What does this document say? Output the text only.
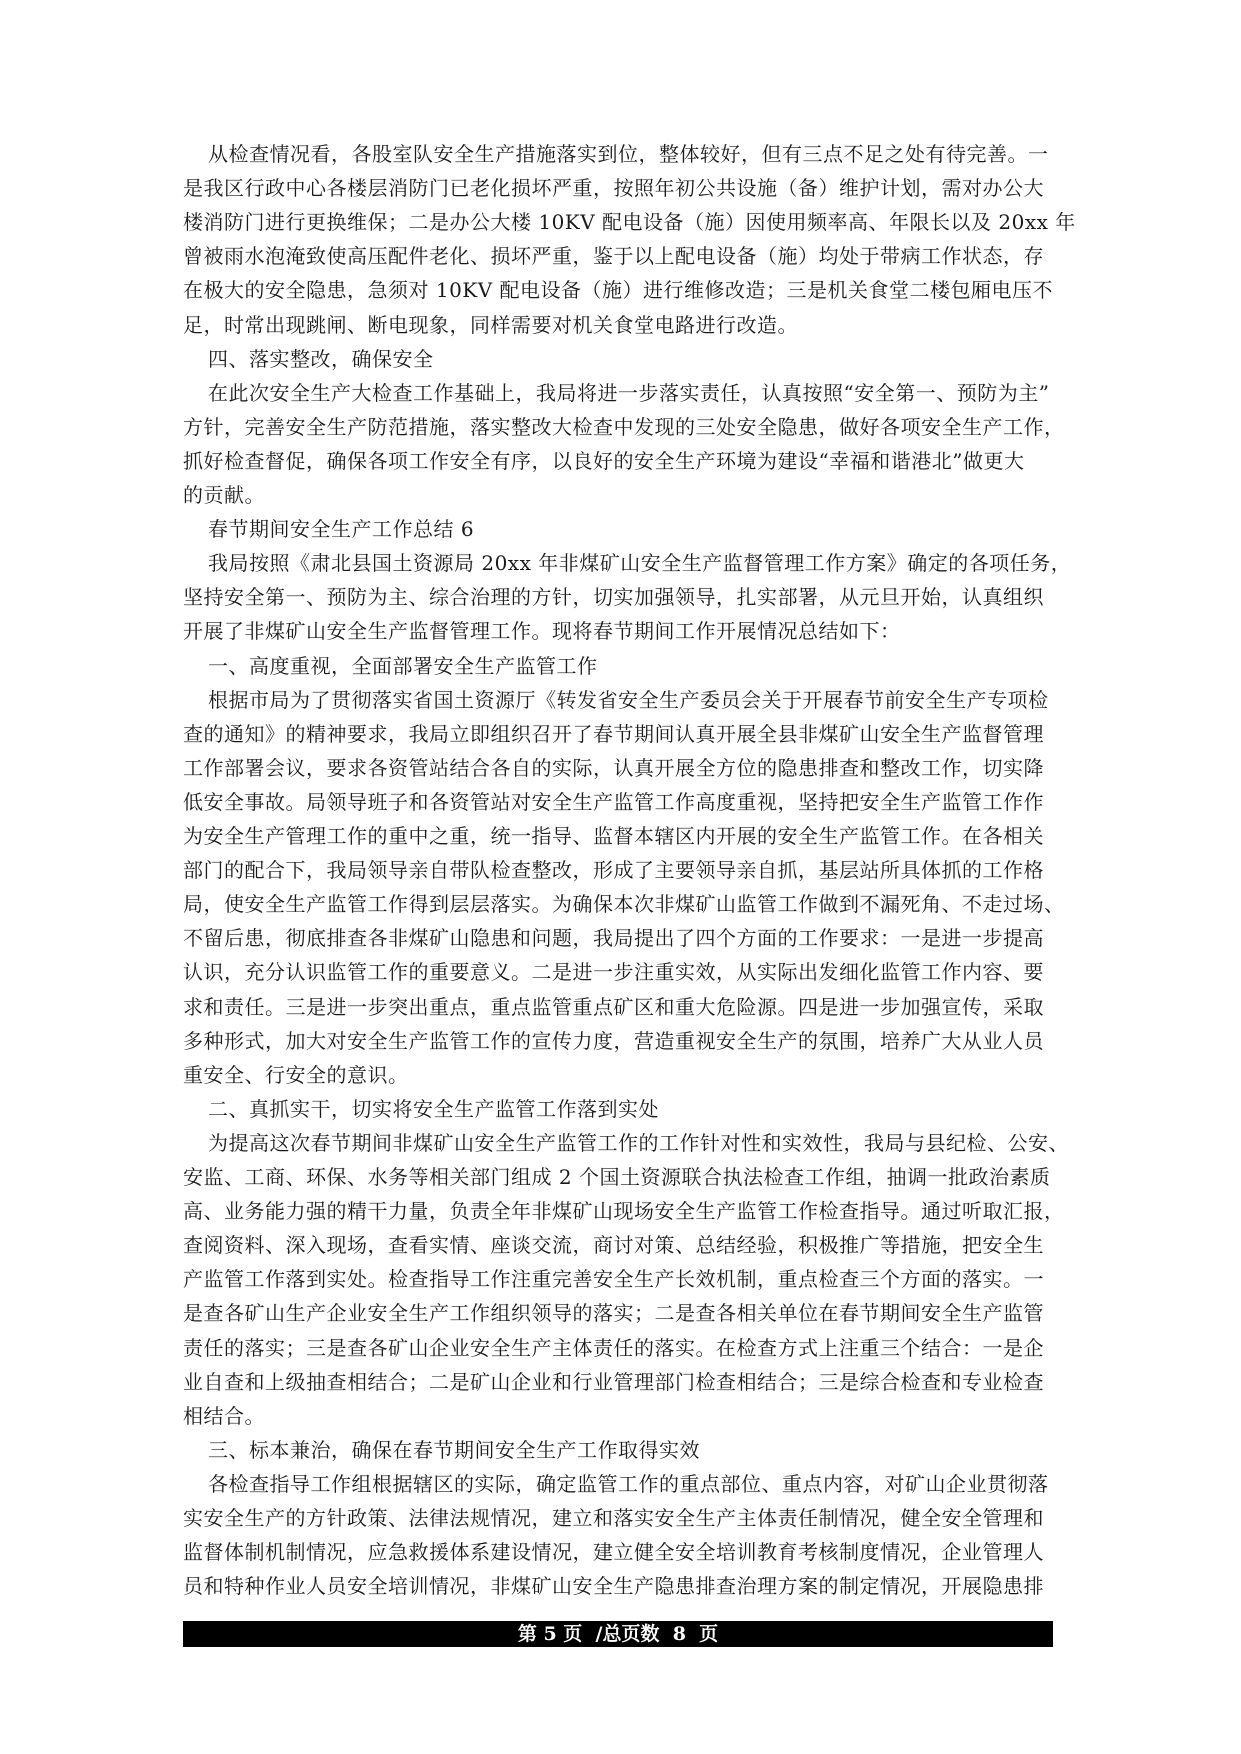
从检查情况看，各股室队安全生产措施落实到位，整体较好，但有三点不足之处有待完善。一
是我区行政中心各楼层消防门已老化损坏严重，按照年初公共设施（备）维护计划，需对办公大
楼消防门进行更换维保；二是办公大楼 10KV 配电设备（施）因使用频率高、年限长以及 20xx 年
曾被雨水泡淹致使高压配件老化、损坏严重，鉴于以上配电设备（施）均处于带病工作状态，存
在极大的安全隐患，急须对 10KV 配电设备（施）进行维修改造；三是机关食堂二楼包厢电压不
足，时常出现跳闸、断电现象，同样需要对机关食堂电路进行改造。
四、落实整改，确保安全
在此次安全生产大检查工作基础上，我局将进一步落实责任，认真按照“安全第一、预防为主”
方针，完善安全生产防范措施，落实整改大检查中发现的三处安全隐患，做好各项安全生产工作，
抓好检查督促，确保各项工作安全有序，以良好的安全生产环境为建设“幸福和谐港北”做更大
的贡献。
春节期间安全生产工作总结 6
我局按照《肃北县国土资源局 20xx 年非煤矿山安全生产监督管理工作方案》确定的各项任务，
坚持安全第一、预防为主、综合治理的方针，切实加强领导，扎实部署，从元旦开始，认真组织
开展了非煤矿山安全生产监督管理工作。现将春节期间工作开展情况总结如下：
一、高度重视，全面部署安全生产监管工作
根据市局为了贯彻落实省国土资源厅《转发省安全生产委员会关于开展春节前安全生产专项检
查的通知》的精神要求，我局立即组织召开了春节期间认真开展全县非煤矿山安全生产监督管理
工作部署会议，要求各资管站结合各自的实际，认真开展全方位的隐患排查和整改工作，切实降
低安全事故。局领导班子和各资管站对安全生产监管工作高度重视，坚持把安全生产监管工作作
为安全生产管理工作的重中之重，统一指导、监督本辖区内开展的安全生产监管工作。在各相关
部门的配合下，我局领导亲自带队检查整改，形成了主要领导亲自抓，基层站所具体抓的工作格
局，使安全生产监管工作得到层层落实。为确保本次非煤矿山监管工作做到不漏死角、不走过场、
不留后患，彻底排查各非煤矿山隐患和问题，我局提出了四个方面的工作要求：一是进一步提高
认识，充分认识监管工作的重要意义。二是进一步注重实效，从实际出发细化监管工作内容、要
求和责任。三是进一步突出重点，重点监管重点矿区和重大危险源。四是进一步加强宣传，采取
多种形式，加大对安全生产监管工作的宣传力度，营造重视安全生产的氛围，培养广大从业人员
重安全、行安全的意识。
二、真抓实干，切实将安全生产监管工作落到实处
为提高这次春节期间非煤矿山安全生产监管工作的工作针对性和实效性，我局与县纪检、公安、
安监、工商、环保、水务等相关部门组成 2 个国土资源联合执法检查工作组，抽调一批政治素质
高、业务能力强的精干力量，负责全年非煤矿山现场安全生产监管工作检查指导。通过听取汇报，
查阅资料、深入现场，查看实情、座谈交流，商讨对策、总结经验，积极推广等措施，把安全生
产监管工作落到实处。检查指导工作注重完善安全生产长效机制，重点检查三个方面的落实。一
是查各矿山生产企业安全生产工作组织领导的落实；二是查各相关单位在春节期间安全生产监管
责任的落实；三是查各矿山企业安全生产主体责任的落实。在检查方式上注重三个结合：一是企
业自查和上级抽查相结合；二是矿山企业和行业管理部门检查相结合；三是综合检查和专业检查
相结合。
三、标本兼治，确保在春节期间安全生产工作取得实效
各检查指导工作组根据辖区的实际，确定监管工作的重点部位、重点内容，对矿山企业贯彻落
实安全生产的方针政策、法律法规情况，建立和落实安全生产主体责任制情况，健全安全管理和
监督体制机制情况，应急救援体系建设情况，建立健全安全培训教育考核制度情况，企业管理人
员和特种作业人员安全培训情况，非煤矿山安全生产隐患排查治理方案的制定情况，开展隐患排
第 5 页  /总页数  8  页
